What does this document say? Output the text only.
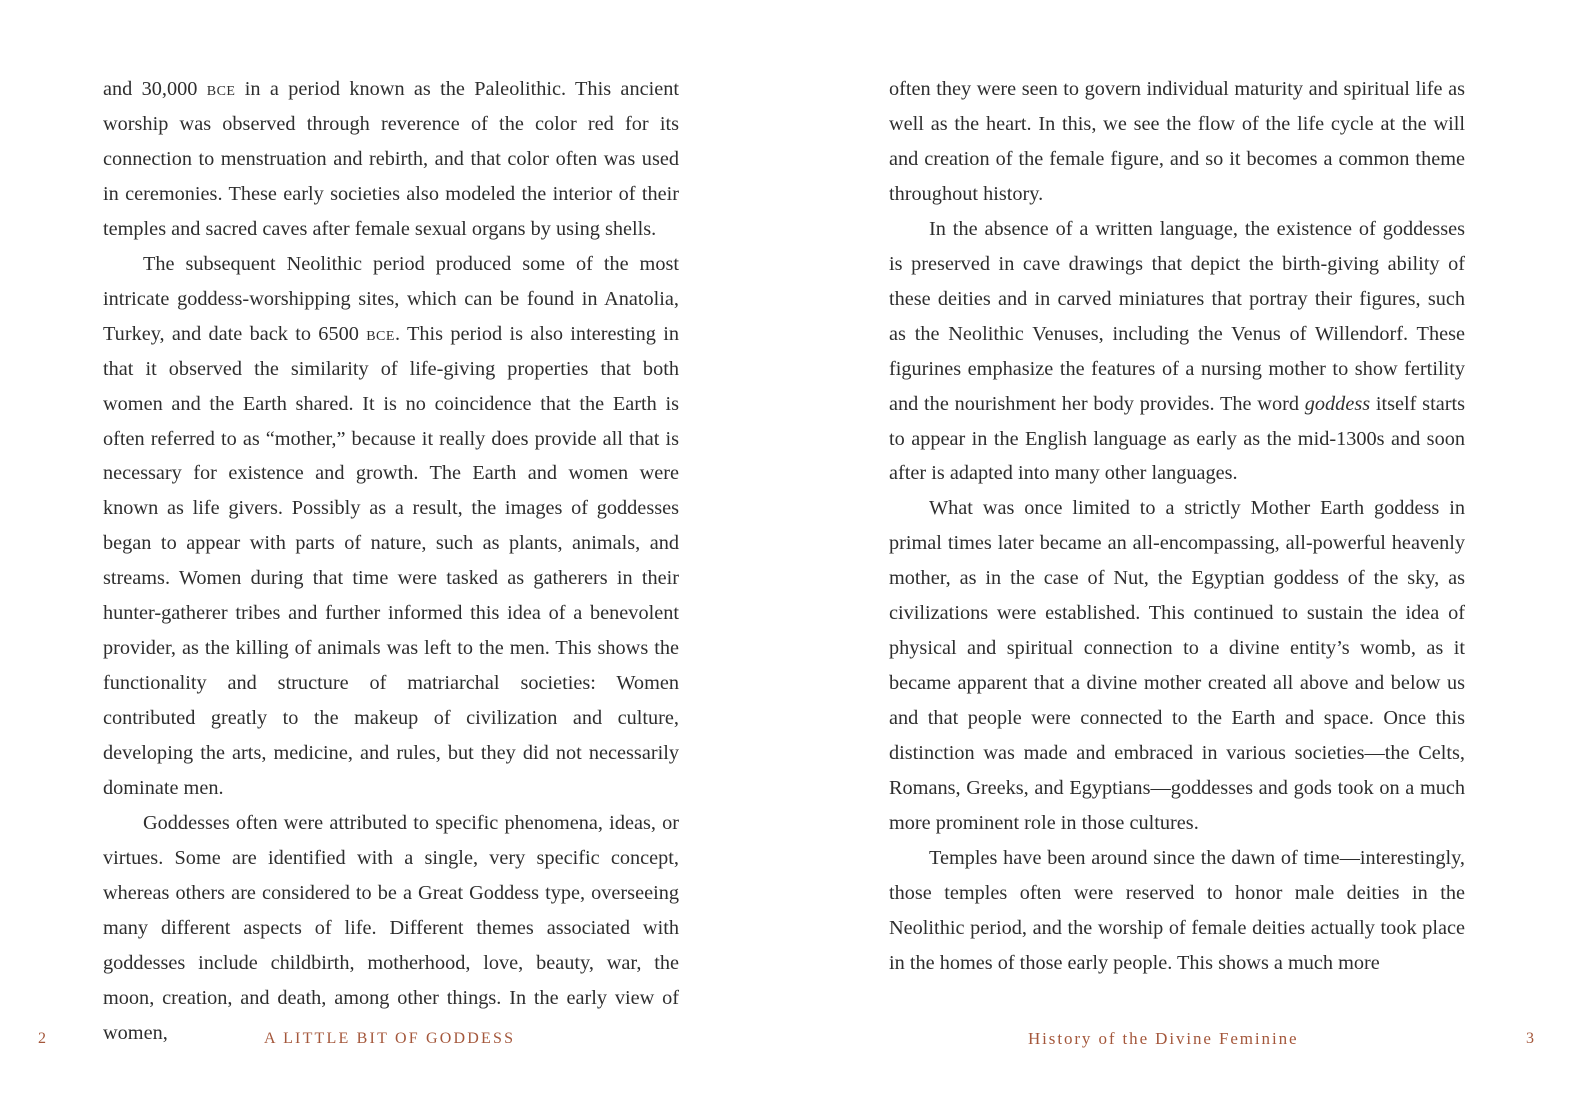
and 30,000 bce in a period known as the Paleolithic. This ancient worship was observed through reverence of the color red for its connection to menstruation and rebirth, and that color often was used in ceremonies. These early societies also modeled the interior of their temples and sacred caves after female sexual organs by using shells.

The subsequent Neolithic period produced some of the most intricate goddess-worshipping sites, which can be found in Anatolia, Turkey, and date back to 6500 bce. This period is also interesting in that it observed the similarity of life-giving properties that both women and the Earth shared. It is no coincidence that the Earth is often referred to as “mother,” because it really does provide all that is necessary for existence and growth. The Earth and women were known as life givers. Possibly as a result, the images of goddesses began to appear with parts of nature, such as plants, animals, and streams. Women during that time were tasked as gatherers in their hunter-gatherer tribes and further informed this idea of a benevolent provider, as the killing of animals was left to the men. This shows the functionality and structure of matriarchal societies: Women contributed greatly to the makeup of civilization and culture, developing the arts, medicine, and rules, but they did not necessarily dominate men.

Goddesses often were attributed to specific phenomena, ideas, or virtues. Some are identified with a single, very specific concept, whereas others are considered to be a Great Goddess type, overseeing many different aspects of life. Different themes associated with goddesses include childbirth, motherhood, love, beauty, war, the moon, creation, and death, among other things. In the early view of women,

2	A LITTLE BIT OF GODDESS

often they were seen to govern individual maturity and spiritual life as well as the heart. In this, we see the flow of the life cycle at the will and creation of the female figure, and so it becomes a common theme throughout history.

In the absence of a written language, the existence of goddesses is preserved in cave drawings that depict the birth-giving ability of these deities and in carved miniatures that portray their figures, such as the Neolithic Venuses, including the Venus of Willendorf. These figurines emphasize the features of a nursing mother to show fertility and the nourishment her body provides. The word goddess itself starts to appear in the English language as early as the mid-1300s and soon after is adapted into many other languages.

What was once limited to a strictly Mother Earth goddess in primal times later became an all-encompassing, all-powerful heavenly mother, as in the case of Nut, the Egyptian goddess of the sky, as civilizations were established. This continued to sustain the idea of physical and spiritual connection to a divine entity’s womb, as it became apparent that a divine mother created all above and below us and that people were connected to the Earth and space. Once this distinction was made and embraced in various societies—the Celts, Romans, Greeks, and Egyptians—goddesses and gods took on a much more prominent role in those cultures.

Temples have been around since the dawn of time—interestingly, those temples often were reserved to honor male deities in the Neolithic period, and the worship of female deities actually took place in the homes of those early people. This shows a much more

History of the Divine Feminine	3
